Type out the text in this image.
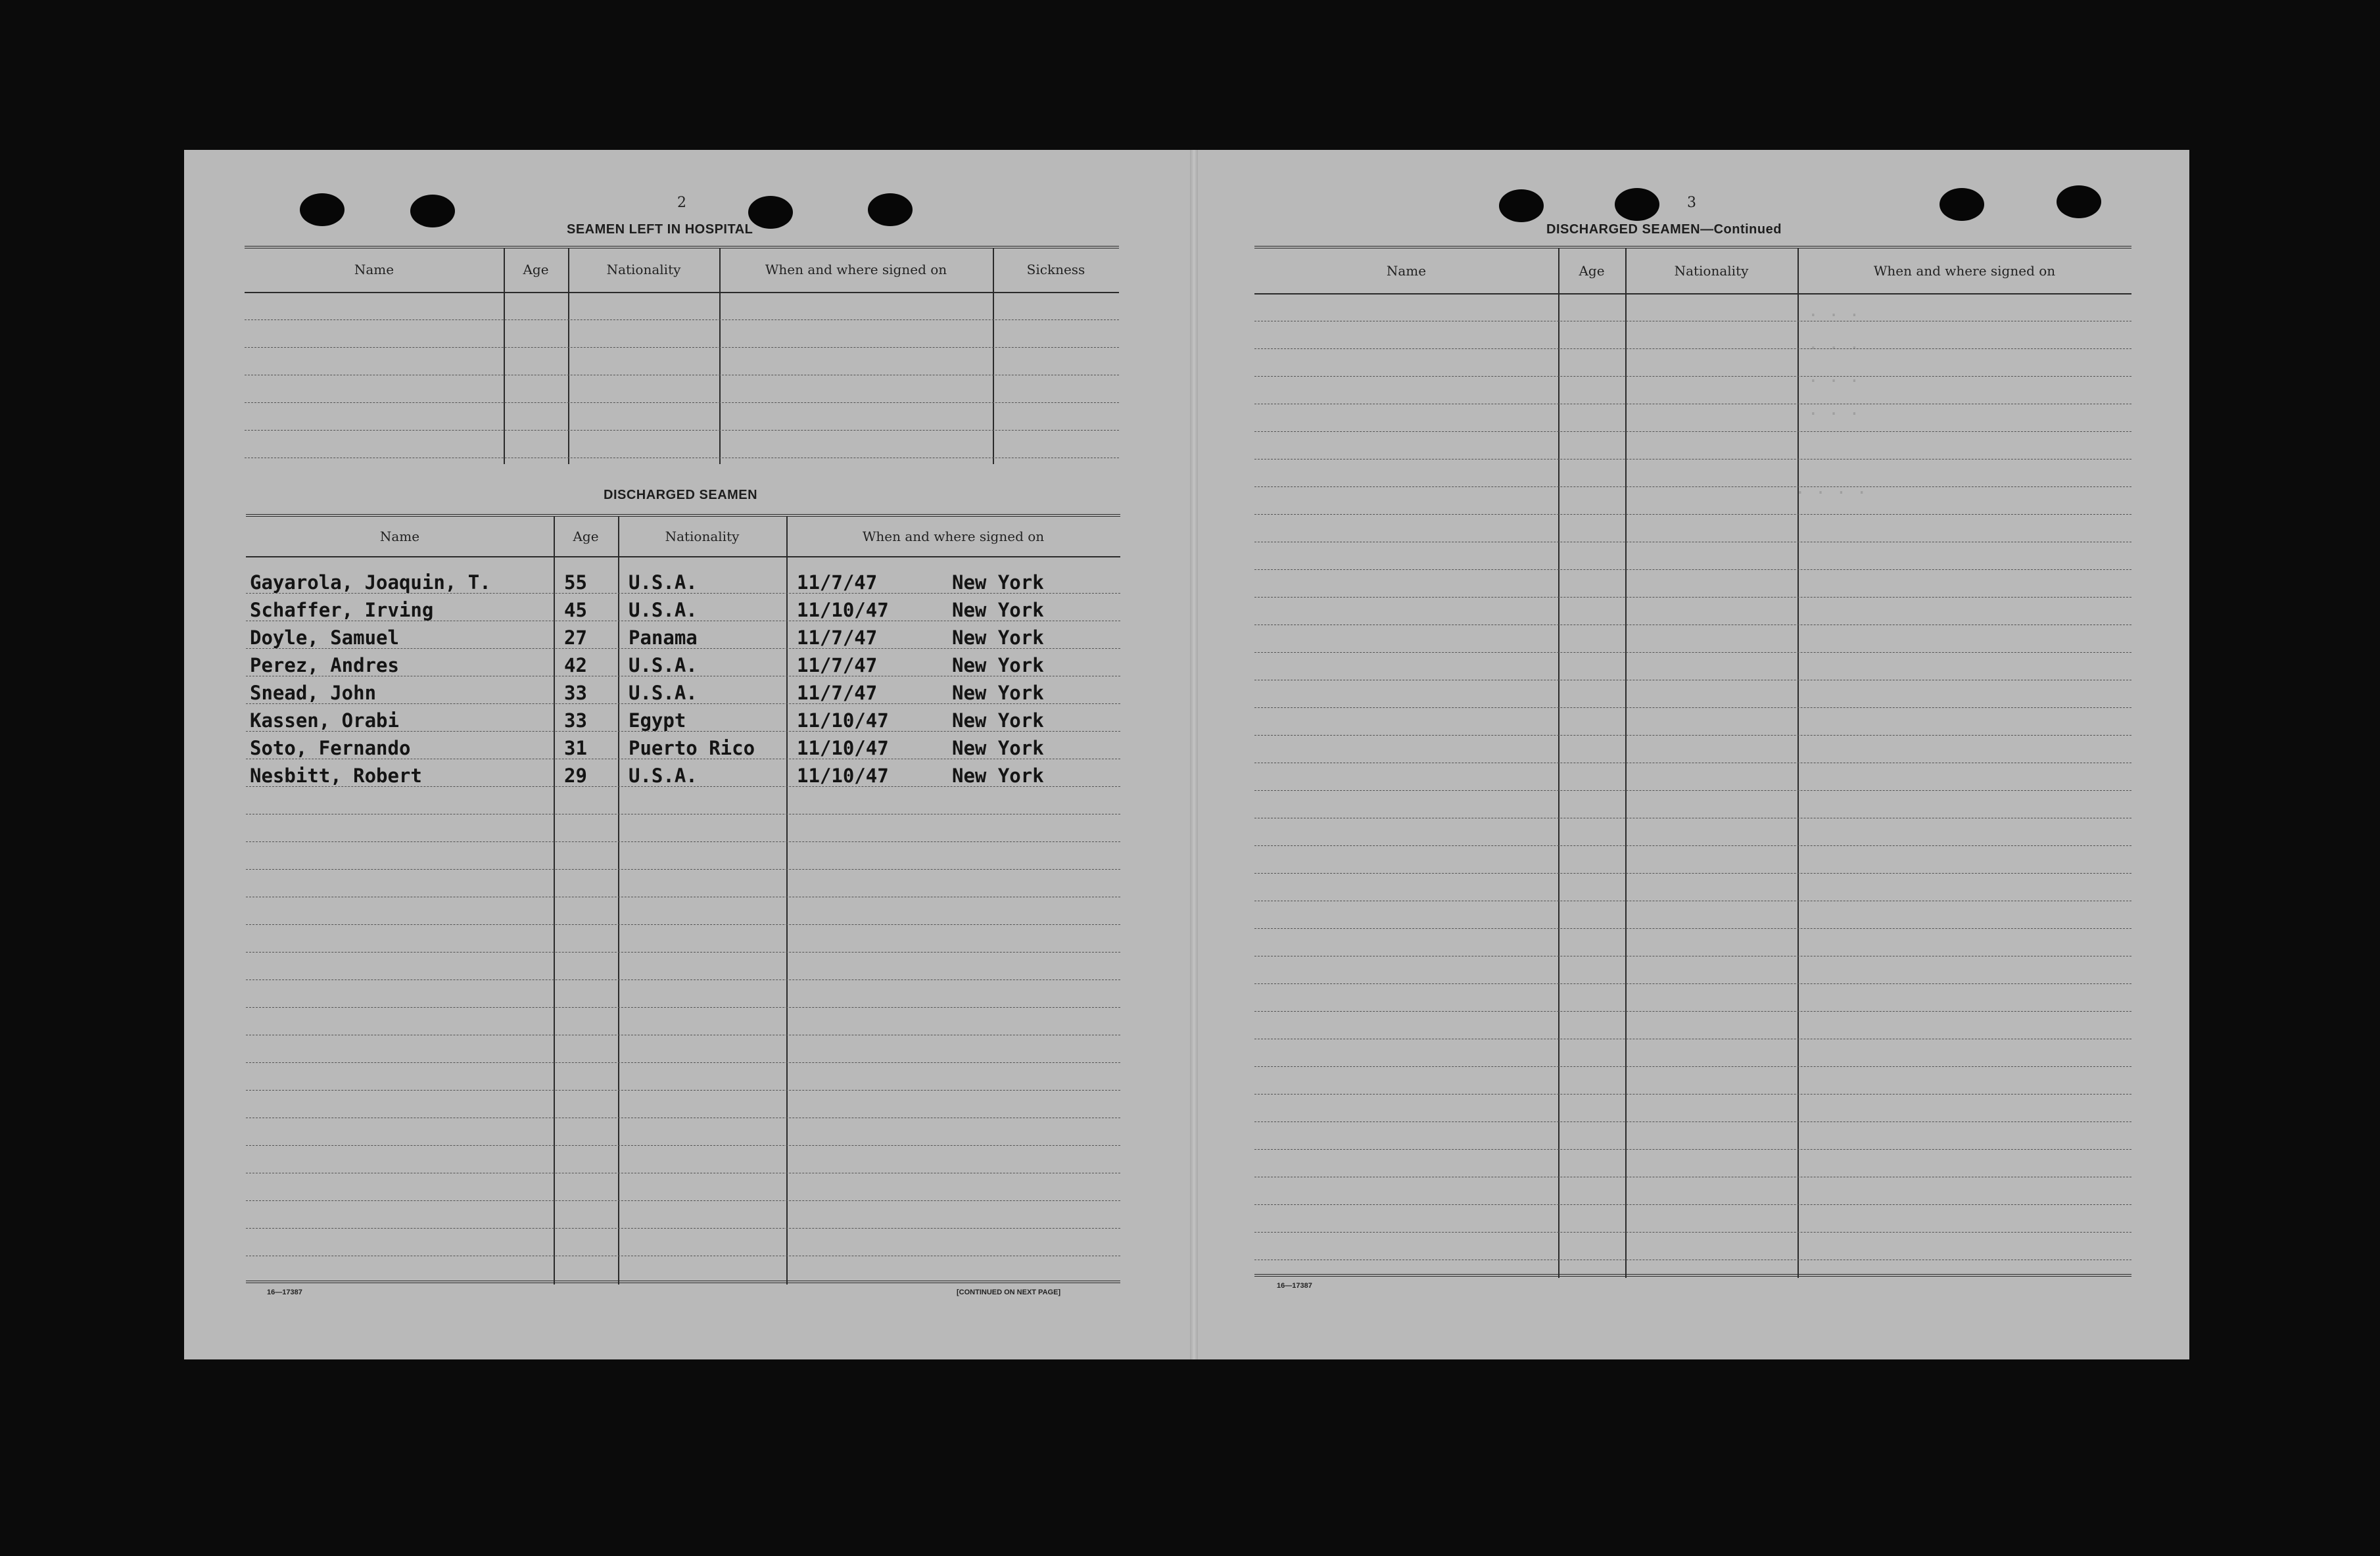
. . .
. . .
. . .
. . .
. . . .
2
SEAMEN LEFT IN HOSPITAL
Name	Age	Nationality	When and where signed on	Sickness
DISCHARGED SEAMEN
Name	Age	Nationality	When and where signed on
Gayarola, Joaquin, T.	55 U.S.A.	11/7/47	New York
Schaffer, Irving	45 U.S.A.	11/10/47	New York
Doyle, Samuel	27 Panama	11/7/47	New York
Perez, Andres	42 U.S.A.	11/7/47	New York
Snead, John	33 U.S.A.	11/7/47	New York
Kassen, Orabi	33 Egypt	11/10/47	New York
Soto, Fernando	31 Puerto Rico 11/10/47	New York
Nesbitt, Robert	29 U.S.A.	11/10/47	New York
16—17387	[CONTINUED ON NEXT PAGE]
3
DISCHARGED SEAMEN—Continued
Name	Age	Nationality	When and where signed on
16—17387
